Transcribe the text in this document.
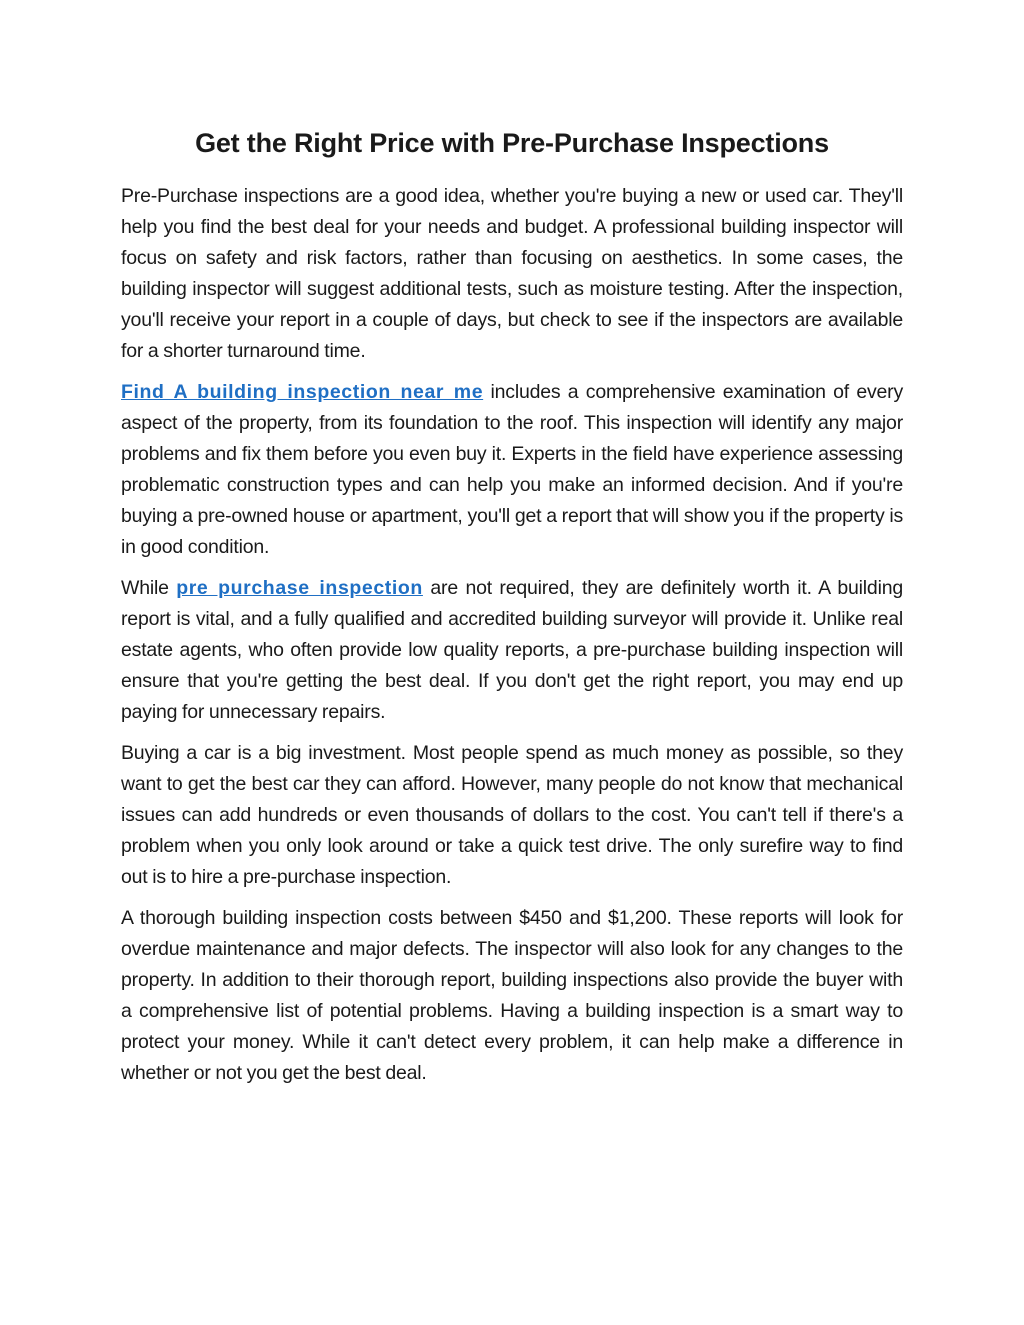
Get the Right Price with Pre-Purchase Inspections

Pre-Purchase inspections are a good idea, whether you're buying a new or used car. They'll help you find the best deal for your needs and budget. A professional building inspector will focus on safety and risk factors, rather than focusing on aesthetics. In some cases, the building inspector will suggest additional tests, such as moisture testing. After the inspection, you'll receive your report in a couple of days, but check to see if the inspectors are available for a shorter turnaround time.

Find A building inspection near me includes a comprehensive examination of every aspect of the property, from its foundation to the roof. This inspection will identify any major problems and fix them before you even buy it. Experts in the field have experience assessing problematic construction types and can help you make an informed decision. And if you're buying a pre-owned house or apartment, you'll get a report that will show you if the property is in good condition.

While pre purchase inspection are not required, they are definitely worth it. A building report is vital, and a fully qualified and accredited building surveyor will provide it. Unlike real estate agents, who often provide low quality reports, a pre-purchase building inspection will ensure that you're getting the best deal. If you don't get the right report, you may end up paying for unnecessary repairs.

Buying a car is a big investment. Most people spend as much money as possible, so they want to get the best car they can afford. However, many people do not know that mechanical issues can add hundreds or even thousands of dollars to the cost. You can't tell if there's a problem when you only look around or take a quick test drive. The only surefire way to find out is to hire a pre-purchase inspection.

A thorough building inspection costs between $450 and $1,200. These reports will look for overdue maintenance and major defects. The inspector will also look for any changes to the property. In addition to their thorough report, building inspections also provide the buyer with a comprehensive list of potential problems. Having a building inspection is a smart way to protect your money. While it can't detect every problem, it can help make a difference in whether or not you get the best deal.
